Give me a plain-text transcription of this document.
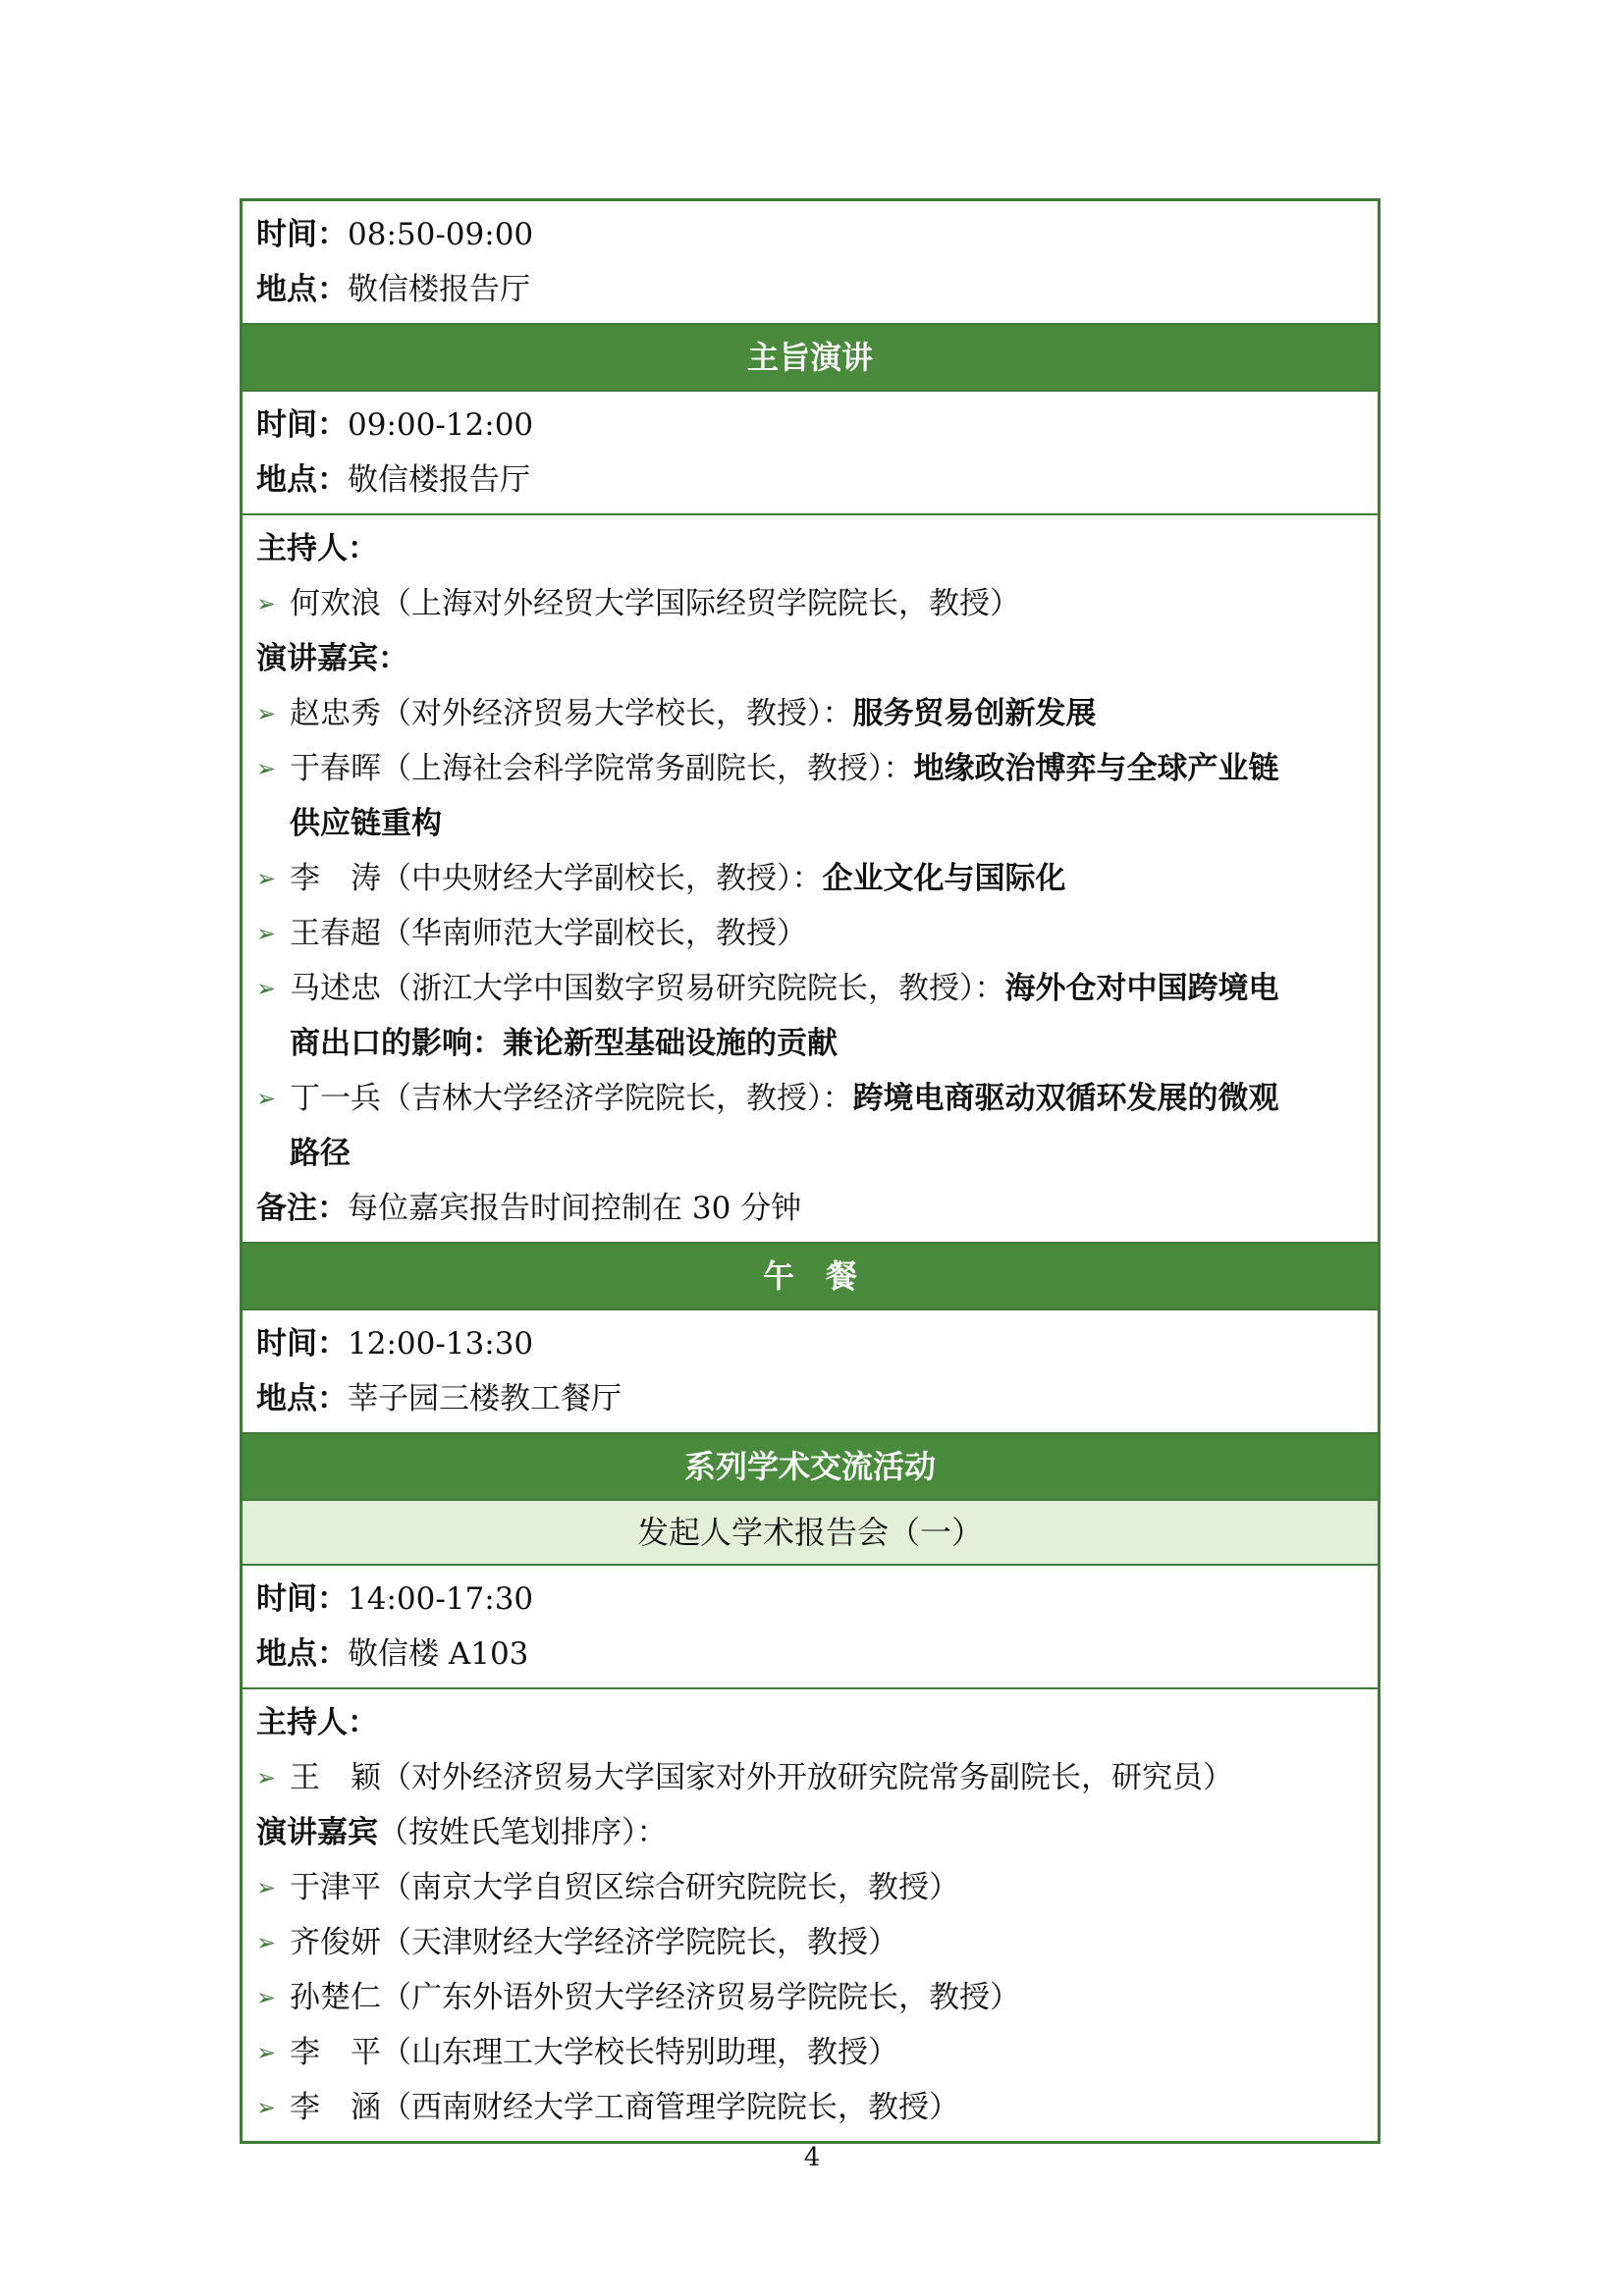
时间：08:50-09:00
地点：敬信楼报告厅
主旨演讲
时间：09:00-12:00
地点：敬信楼报告厅
主持人：
➢ 何欢浪（上海对外经贸大学国际经贸学院院长，教授）
演讲嘉宾：
➢ 赵忠秀（对外经济贸易大学校长，教授）：服务贸易创新发展
➢ 于春晖（上海社会科学院常务副院长，教授）：地缘政治博弈与全球产业链
供应链重构
➢ 李　涛（中央财经大学副校长，教授）：企业文化与国际化
➢ 王春超（华南师范大学副校长，教授）
➢ 马述忠（浙江大学中国数字贸易研究院院长，教授）：海外仓对中国跨境电
商出口的影响：兼论新型基础设施的贡献
➢ 丁一兵（吉林大学经济学院院长，教授）：跨境电商驱动双循环发展的微观
路径
备注：每位嘉宾报告时间控制在 30 分钟
午　餐
时间：12:00-13:30
地点：莘子园三楼教工餐厅
系列学术交流活动
发起人学术报告会（一）
时间：14:00-17:30
地点：敬信楼 A103
主持人：
➢ 王　颖（对外经济贸易大学国家对外开放研究院常务副院长，研究员）
演讲嘉宾（按姓氏笔划排序）：
➢ 于津平（南京大学自贸区综合研究院院长，教授）
➢ 齐俊妍（天津财经大学经济学院院长，教授）
➢ 孙楚仁（广东外语外贸大学经济贸易学院院长，教授）
➢ 李　平（山东理工大学校长特别助理，教授）
➢ 李　涵（西南财经大学工商管理学院院长，教授）
4
